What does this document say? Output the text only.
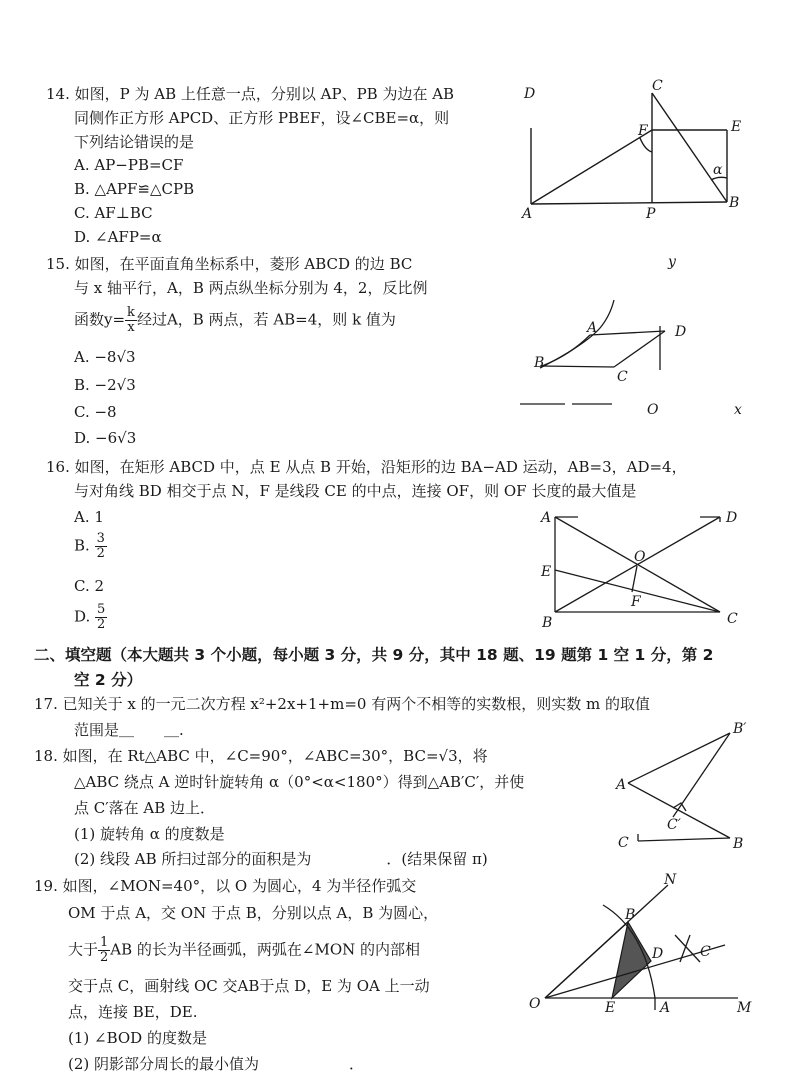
14. 如图，P 为 AB 上任意一点，分别以 AP、PB 为边在 AB
同侧作正方形 APCD、正方形 PBEF，设∠CBE=α，则
下列结论错误的是
A. AP−PB=CF
B. △APF≌△CPB
C. AF⊥BC
D. ∠AFP=α
D	C
F	E
α
A	P
B
15. 如图，在平面直角坐标系中，菱形 ABCD 的边 BC
与 x 轴平行，A，B 两点纵坐标分别为 4，2，反比例
函数$y= \frac{k}{x}$ 经过A，B 两点，若 AB=4，则 k 值为
A. −8√3
B. −2√3
C. −8
D. −6√3
y
A	D
B
C
O	x
16. 如图，在矩形 ABCD 中，点 E 从点 B 开始，沿矩形的边 BA−AD 运动，AB=3，AD=4，
与对角线 BD 相交于点 N，F 是线段 CE 的中点，连接 OF，则 OF 长度的最大值是
A. 1
B. $\frac{3}{2}$
C. 2
D. $\frac{5}{2}$
A	D
O
E
F
B	C
二、填空题（本大题共 3 个小题，每小题 3 分，共 9 分，其中 18 题、19 题第 1 空 1 分，第 2
空 2 分）
17. 已知关于 x 的一元二次方程 x²+2x+1+m=0 有两个不相等的实数根，则实数 m 的取值
范围是＿　　＿.
18. 如图，在 Rt△ABC 中，∠C=90°，∠ABC=30°，BC=√3，将
△ABC 绕点 A 逆时针旋转角 α（0°<α<180°）得到△AB′C′，并使
点 C′落在 AB 边上．
(1) 旋转角 α 的度数是
(2) 线段 AB 所扫过部分的面积是为　　　　　．(结果保留 π)
B′
A
C′
C	B
19. 如图，∠MON=40°，以 O 为圆心，4 为半径作弧交
OM 于点 A，交 ON 于点 B，分别以点 A，B 为圆心，
大于 $\frac{1}{2}$ AB 的长为半径画弧，两弧在∠MON 的内部相
交于点 C，画射线 OC 交AB于点 D，E 为 OA 上一动
点，连接 BE，DE.
(1) ∠BOD 的度数是
(2) 阴影部分周长的最小值为　　　　　　．
N
B
D	C
O	E	A	M
